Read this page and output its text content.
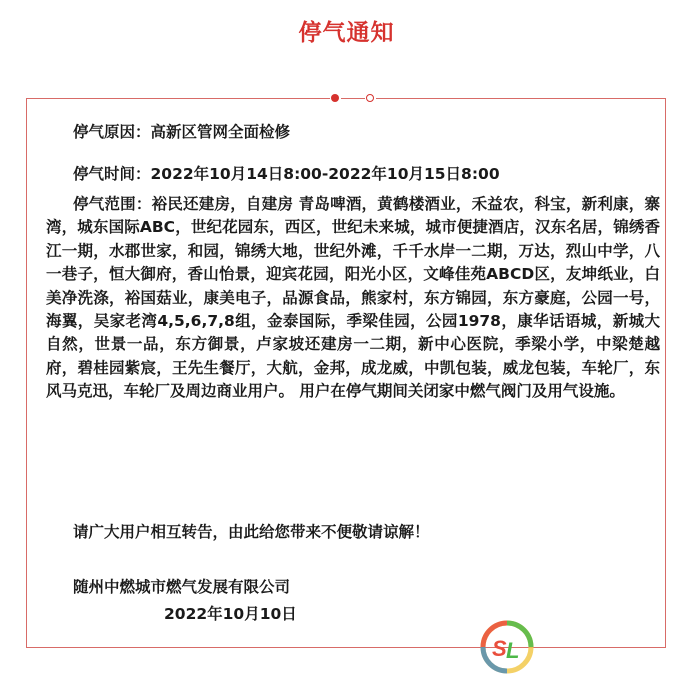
停气通知

停气原因：高新区管网全面检修

停气时间：2022年10月14日8:00-2022年10月15日8:00

停气范围：裕民还建房，自建房 青岛啤酒，黄鹤楼酒业，禾益农，科宝，新利康，寨湾，城东国际ABC，世纪花园东，西区，世纪未来城，城市便捷酒店，汉东名居，锦绣香江一期，水郡世家，和园，锦绣大地，世纪外滩，千千水岸一二期，万达，烈山中学，八一巷子，恒大御府，香山怡景，迎宾花园，阳光小区，文峰佳苑ABCD区，友坤纸业，白美净洗涤，裕国菇业，康美电子，品源食品，熊家村，东方锦园，东方豪庭，公园一号，海翼，吴家老湾4,5,6,7,8组，金泰国际，季梁佳园，公园1978，康华话语城，新城大自然，世景一品，东方御景，卢家坡还建房一二期，新中心医院，季梁小学，中梁楚越府，碧桂园紫宸，王先生餐厅，大航，金邦，成龙威，中凯包装，威龙包装，车轮厂，东风马克迅，车轮厂及周边商业用户。 用户在停气期间关闭家中燃气阀门及用气设施。
请广大用户相互转告，由此给您带来不便敬请谅解！
随州中燃城市燃气发展有限公司
2022年10月10日
S L
